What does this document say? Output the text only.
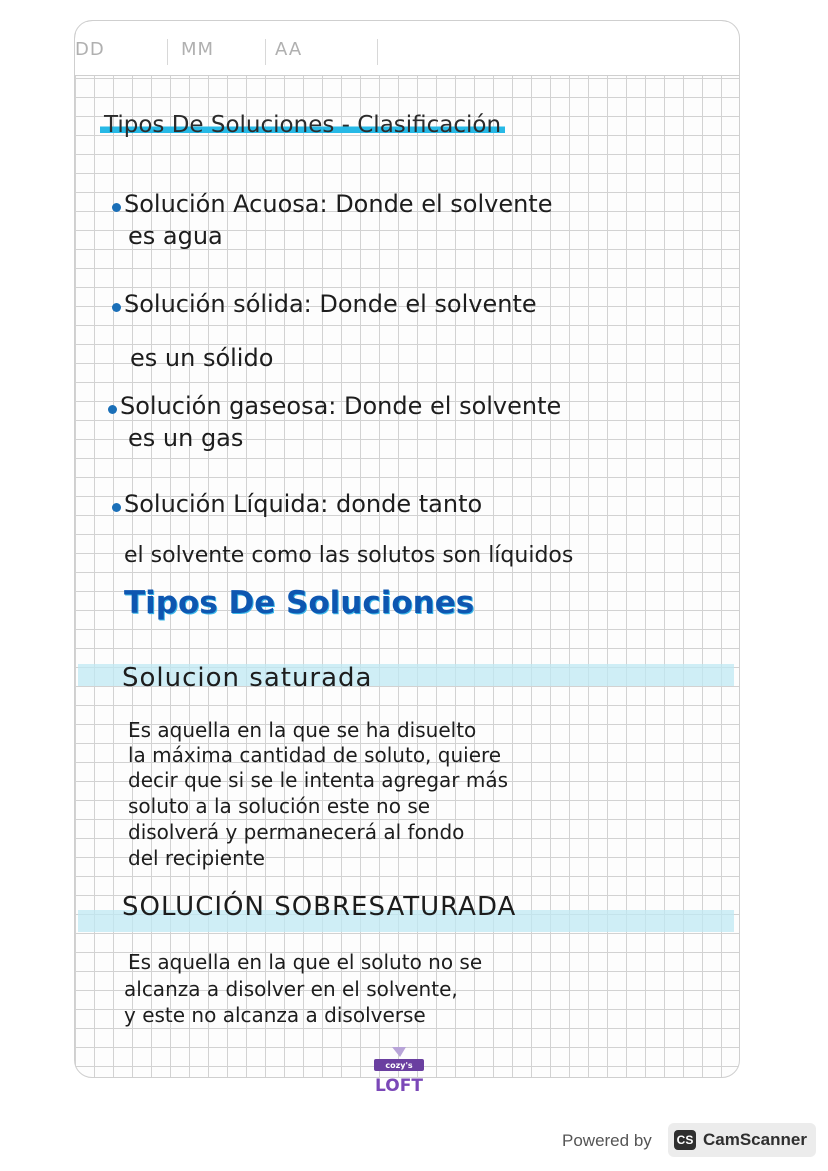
DD	MM	AA
Tipos De Soluciones - Clasificación
Solución Acuosa: Donde el solvente
es agua
Solución sólida: Donde el solvente
es un sólido
Solución gaseosa: Donde el solvente
es un gas
Solución Líquida: donde tanto
el solvente como las solutos son líquidos
Tipos De Soluciones
Solucion saturada
Es aquella en la que se ha disuelto
la máxima cantidad de soluto, quiere
decir que si se le intenta agregar más
soluto a la solución este no se
disolverá y permanecerá al fondo
del recipiente
SOLUCIÓN SOBRESATURADA
Es aquella en la que el soluto no se
alcanza a disolver en el solvente,
y este no alcanza a disolverse
cozy's
LOFT
Powered by CS CamScanner
